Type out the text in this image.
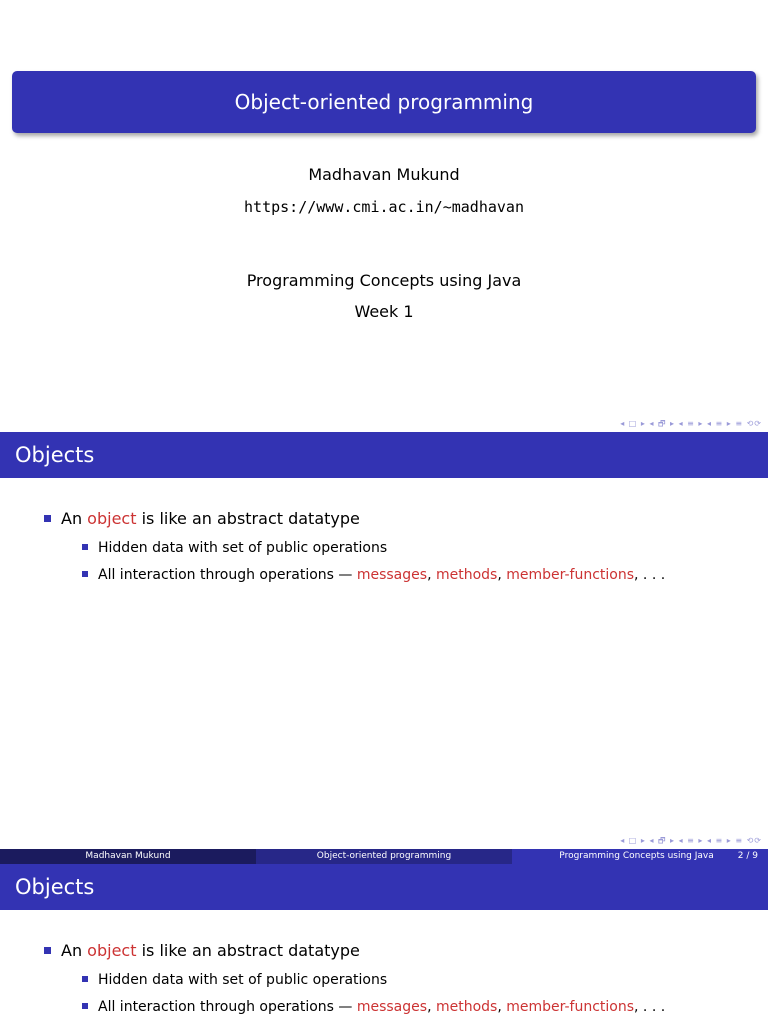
Object-oriented programming
Madhavan Mukund
https://www.cmi.ac.in/~madhavan
Programming Concepts using Java
Week 1
◂ □ ▸ ◂ 🗗 ▸ ◂ ≡ ▸ ◂ ≡ ▸ ≡ ⟲⟳
Objects
An object is like an abstract datatype
Hidden data with set of public operations
All interaction through operations — messages, methods, member-functions, . . .
◂ □ ▸ ◂ 🗗 ▸ ◂ ≡ ▸ ◂ ≡ ▸ ≡ ⟲⟳
Madhavan Mukund	Object-oriented programming	Programming Concepts using Java	2 / 9
Objects
An object is like an abstract datatype
Hidden data with set of public operations
All interaction through operations — messages, methods, member-functions, . . .
